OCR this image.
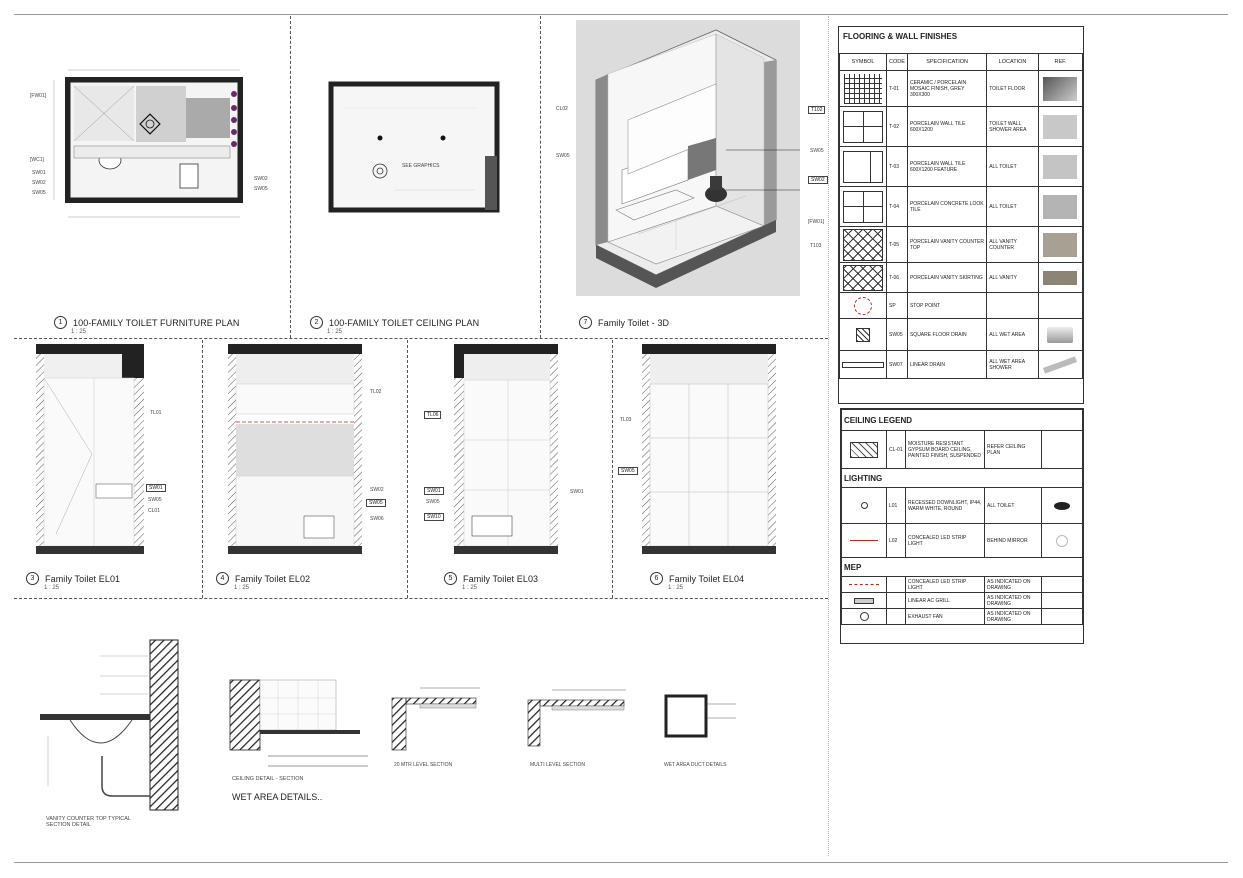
[FW01]
[WC1]
SW01
SW02
SW05
SW02
SW05
1	100-FAMILY TOILET FURNITURE PLAN
1 : 25
SEE GRAPHICS
2	100-FAMILY TOILET CEILING PLAN
1 : 25
T102
SW05
SW02
[FW01]
T103
CL02
SW05
7	Family Toilet - 3D
TL01
SW01
SW05
CL01
3	Family Toilet EL01
1 : 25
TL02
SW02
SW05
SW06
4	Family Toilet EL02
1 : 25
TL06
SW01
SW05
SW10
SW01
5	Family Toilet EL03
1 : 25
TL03
SW05
6	Family Toilet EL04
1 : 25
VANITY COUNTER TOP TYPICAL SECTION DETAIL
CEILING DETAIL - SECTION
WET AREA DETAILS..
20 MTR LEVEL SECTION	MULTI LEVEL SECTION	WET AREA DUCT DETAILS
FLOORING & WALL FINISHES
SYMBOL	CODE	SPECIFICATION	LOCATION	REF.

	T-01	CERAMIC / PORCELAIN MOSAIC FINISH, GREY 300X300	TOILET FLOOR	

	T-02	PORCELAIN WALL TILE 600X1200	TOILET WALL SHOWER AREA	

	T-03	PORCELAIN WALL TILE 600X1200 FEATURE	ALL TOILET	

	T-04	PORCELAIN CONCRETE LOOK TILE	ALL TOILET	

	T-05	PORCELAIN VANITY COUNTER TOP	ALL VANITY COUNTER	

	T-06	PORCELAIN VANITY SKIRTING	ALL VANITY	

	SP	STOP POINT		

	SW05	SQUARE FLOOR DRAIN	ALL WET AREA	

	SW07	LINEAR DRAIN	ALL WET AREA SHOWER	
CEILING LEGEND				

	CL-01	MOISTURE RESISTANT GYPSUM BOARD CEILING, PAINTED FINISH, SUSPENDED	REFER CEILING PLAN	
LIGHTING				

	L01	RECESSED DOWNLIGHT, IP44, WARM WHITE, ROUND	ALL TOILET	

	L02	CONCEALED LED STRIP LIGHT	BEHIND MIRROR	

MEP				

		CONCEALED LED STRIP LIGHT	AS INDICATED ON DRAWING	

		LINEAR AC GRILL	AS INDICATED ON DRAWING	

		EXHAUST FAN	AS INDICATED ON DRAWING	
